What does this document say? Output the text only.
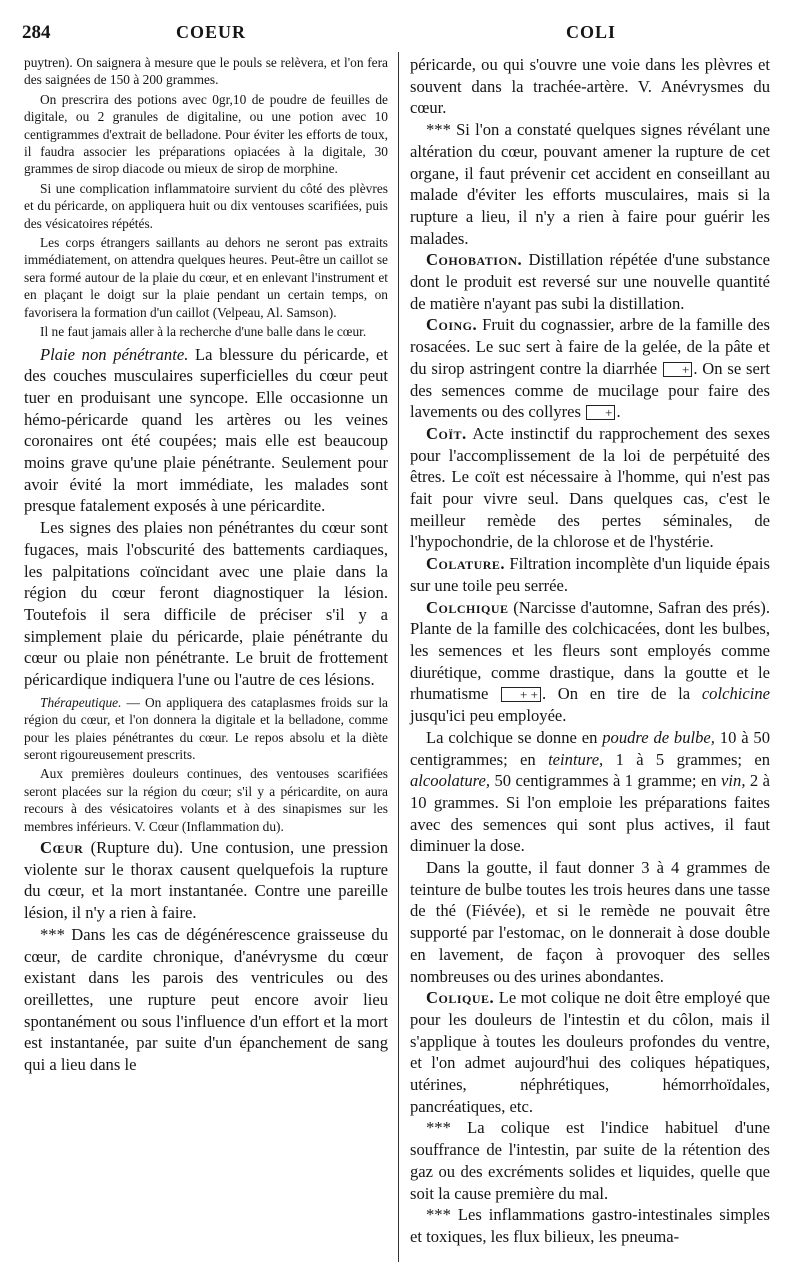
284	COEUR	COLI

puytren). On saignera à mesure que le pouls se relèvera, et l'on fera des saignées de 150 à 200 grammes.

On prescrira des potions avec 0gr,10 de poudre de feuilles de digitale, ou 2 granules de digitaline, ou une potion avec 10 centigrammes d'extrait de belladone. Pour éviter les efforts de toux, il faudra associer les préparations opiacées à la digitale, 30 grammes de sirop diacode ou mieux de sirop de morphine.

Si une complication inflammatoire survient du côté des plèvres et du péricarde, on appliquera huit ou dix ventouses scarifiées, puis des vésicatoires répétés.

Les corps étrangers saillants au dehors ne seront pas extraits immédiatement, on attendra quelques heures. Peut-être un caillot se sera formé autour de la plaie du cœur, et en enlevant l'instrument et en plaçant le doigt sur la plaie pendant un certain temps, on favorisera la formation d'un caillot (Velpeau, Al. Samson).

Il ne faut jamais aller à la recherche d'une balle dans le cœur.

Plaie non pénétrante. La blessure du péricarde, et des couches musculaires superficielles du cœur peut tuer en produisant une syncope. Elle occasionne un hémo-péricarde quand les artères ou les veines coronaires ont été coupées; mais elle est beaucoup moins grave qu'une plaie pénétrante. Seulement pour avoir évité la mort immédiate, les malades sont presque fatalement exposés à une péricardite.

Les signes des plaies non pénétrantes du cœur sont fugaces, mais l'obscurité des battements cardiaques, les palpitations coïncidant avec une plaie dans la région du cœur feront diagnostiquer la lésion. Toutefois il sera difficile de préciser s'il y a simplement plaie du péricarde, plaie pénétrante du cœur ou plaie non pénétrante. Le bruit de frottement péricardique indiquera l'une ou l'autre de ces lésions.

Thérapeutique. — On appliquera des cataplasmes froids sur la région du cœur, et l'on donnera la digitale et la belladone, comme pour les plaies pénétrantes du cœur. Le repos absolu et la diète seront rigoureusement prescrits.

Aux premières douleurs continues, des ventouses scarifiées seront placées sur la région du cœur; s'il y a péricardite, on aura recours à des vésicatoires volants et à des sinapismes sur les membres inférieurs. V. Cœur (Inflammation du).

Cœur (Rupture du). Une contusion, une pression violente sur le thorax causent quelquefois la rupture du cœur, et la mort instantanée. Contre une pareille lésion, il n'y a rien à faire.

*** Dans les cas de dégénérescence graisseuse du cœur, de cardite chronique, d'anévrysme du cœur existant dans les parois des ventricules ou des oreillettes, une rupture peut encore avoir lieu spontanément ou sous l'influence d'un effort et la mort est instantanée, par suite d'un épanchement de sang qui a lieu dans le

péricarde, ou qui s'ouvre une voie dans les plèvres et souvent dans la trachée-artère. V. Anévrysmes du cœur.

*** Si l'on a constaté quelques signes révélant une altération du cœur, pouvant amener la rupture de cet organe, il faut prévenir cet accident en conseillant au malade d'éviter les efforts musculaires, mais si la rupture a lieu, il n'y a rien à faire pour guérir les malades.

Cohobation. Distillation répétée d'une substance dont le produit est reversé sur une nouvelle quantité de matière n'ayant pas subi la distillation.

Coing. Fruit du cognassier, arbre de la famille des rosacées. Le suc sert à faire de la gelée, de la pâte et du sirop astringent contre la diarrhée + . On se sert des semences comme de mucilage pour faire des lavements ou des collyres + .

Coït. Acte instinctif du rapprochement des sexes pour l'accomplissement de la loi de perpétuité des êtres. Le coït est nécessaire à l'homme, qui n'est pas fait pour vivre seul. Dans quelques cas, c'est le meilleur remède des pertes séminales, de l'hypochondrie, de la chlorose et de l'hystérie.

Colature. Filtration incomplète d'un liquide épais sur une toile peu serrée.

Colchique (Narcisse d'automne, Safran des prés). Plante de la famille des colchicacées, dont les bulbes, les semences et les fleurs sont employés comme diurétique, comme drastique, dans la goutte et le rhumatisme + + . On en tire de la colchicine jusqu'ici peu employée.

La colchique se donne en poudre de bulbe, 10 à 50 centigrammes; en teinture, 1 à 5 grammes; en alcoolature, 50 centigrammes à 1 gramme; en vin, 2 à 10 grammes. Si l'on emploie les préparations faites avec des semences qui sont plus actives, il faut diminuer la dose.

Dans la goutte, il faut donner 3 à 4 grammes de teinture de bulbe toutes les trois heures dans une tasse de thé (Fiévée), et si le remède ne pouvait être supporté par l'estomac, on le donnerait à dose double en lavement, de façon à provoquer des selles nombreuses ou des urines abondantes.

Colique. Le mot colique ne doit être employé que pour les douleurs de l'intestin et du côlon, mais il s'applique à toutes les douleurs profondes du ventre, et l'on admet aujourd'hui des coliques hépatiques, utérines, néphrétiques, hémorrhoïdales, pancréatiques, etc.

*** La colique est l'indice habituel d'une souffrance de l'intestin, par suite de la rétention des gaz ou des excréments solides et liquides, quelle que soit la cause première du mal.

*** Les inflammations gastro-intestinales simples et toxiques, les flux bilieux, les pneuma-
